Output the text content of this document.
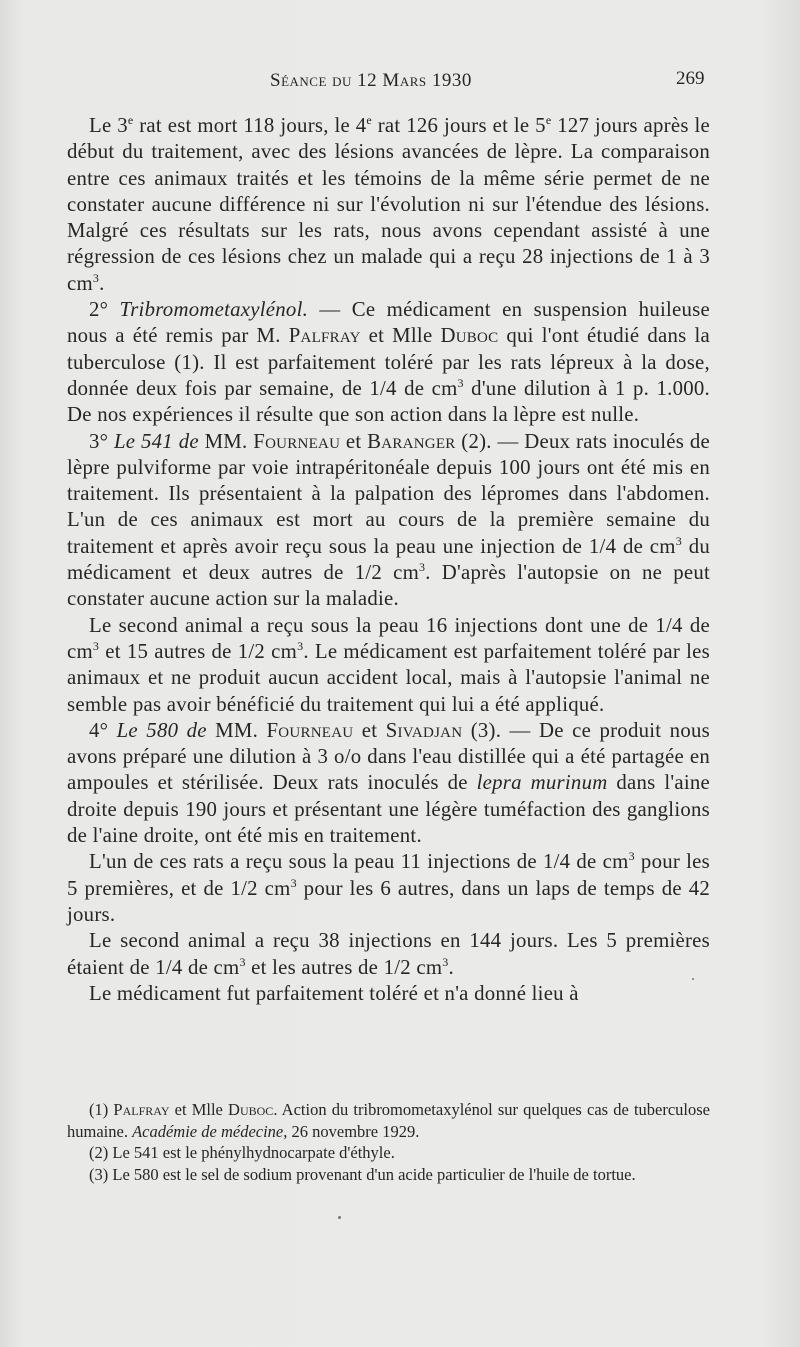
Séance du 12 Mars 1930	269

Le 3e rat est mort 118 jours, le 4e rat 126 jours et le 5e 127 jours après le début du traitement, avec des lésions avancées de lèpre. La comparaison entre ces animaux traités et les témoins de la même série permet de ne constater aucune différence ni sur l'évolution ni sur l'étendue des lésions. Malgré ces résultats sur les rats, nous avons cependant assisté à une régression de ces lésions chez un malade qui a reçu 28 injections de 1 à 3 $cm^3$.

2° Tribromometaxylénol. — Ce médicament en suspension huileuse nous a été remis par M. Palfray et Mlle Duboc qui l'ont étudié dans la tuberculose (1). Il est parfaitement toléré par les rats lépreux à la dose, donnée deux fois par semaine, de 1/4 de $cm^3$ d'une dilution à 1 p. 1.000. De nos expériences il résulte que son action dans la lèpre est nulle.

3° Le 541 de MM. Fourneau et Baranger (2). — Deux rats inoculés de lèpre pulviforme par voie intrapéritonéale depuis 100 jours ont été mis en traitement. Ils présentaient à la palpation des lépromes dans l'abdomen. L'un de ces animaux est mort au cours de la première semaine du traitement et après avoir reçu sous la peau une injection de 1/4 de $cm^3$ du médicament et deux autres de 1/2 $cm^3$. D'après l'autopsie on ne peut constater aucune action sur la maladie.

Le second animal a reçu sous la peau 16 injections dont une de 1/4 de $cm^3$ et 15 autres de 1/2 $cm^3$. Le médicament est parfaitement toléré par les animaux et ne produit aucun accident local, mais à l'autopsie l'animal ne semble pas avoir bénéficié du traitement qui lui a été appliqué.

4° Le 580 de MM. Fourneau et Sivadjan (3). — De ce produit nous avons préparé une dilution à 3 o/o dans l'eau distillée qui a été partagée en ampoules et stérilisée. Deux rats inoculés de lepra murinum dans l'aine droite depuis 190 jours et présentant une légère tuméfaction des ganglions de l'aine droite, ont été mis en traitement.

L'un de ces rats a reçu sous la peau 11 injections de 1/4 de $cm^3$ pour les 5 premières, et de 1/2 $cm^3$ pour les 6 autres, dans un laps de temps de 42 jours.

Le second animal a reçu 38 injections en 144 jours. Les 5 premières étaient de 1/4 de $cm^3$ et les autres de 1/2 $cm^3$.

Le médicament fut parfaitement toléré et n'a donné lieu à

(1) Palfray et Mlle Duboc. Action du tribromometaxylénol sur quelques cas de tuberculose humaine. Académie de médecine, 26 novembre 1929.

(2) Le 541 est le phénylhydnocarpate d'éthyle.

(3) Le 580 est le sel de sodium provenant d'un acide particulier de l'huile de tortue.
